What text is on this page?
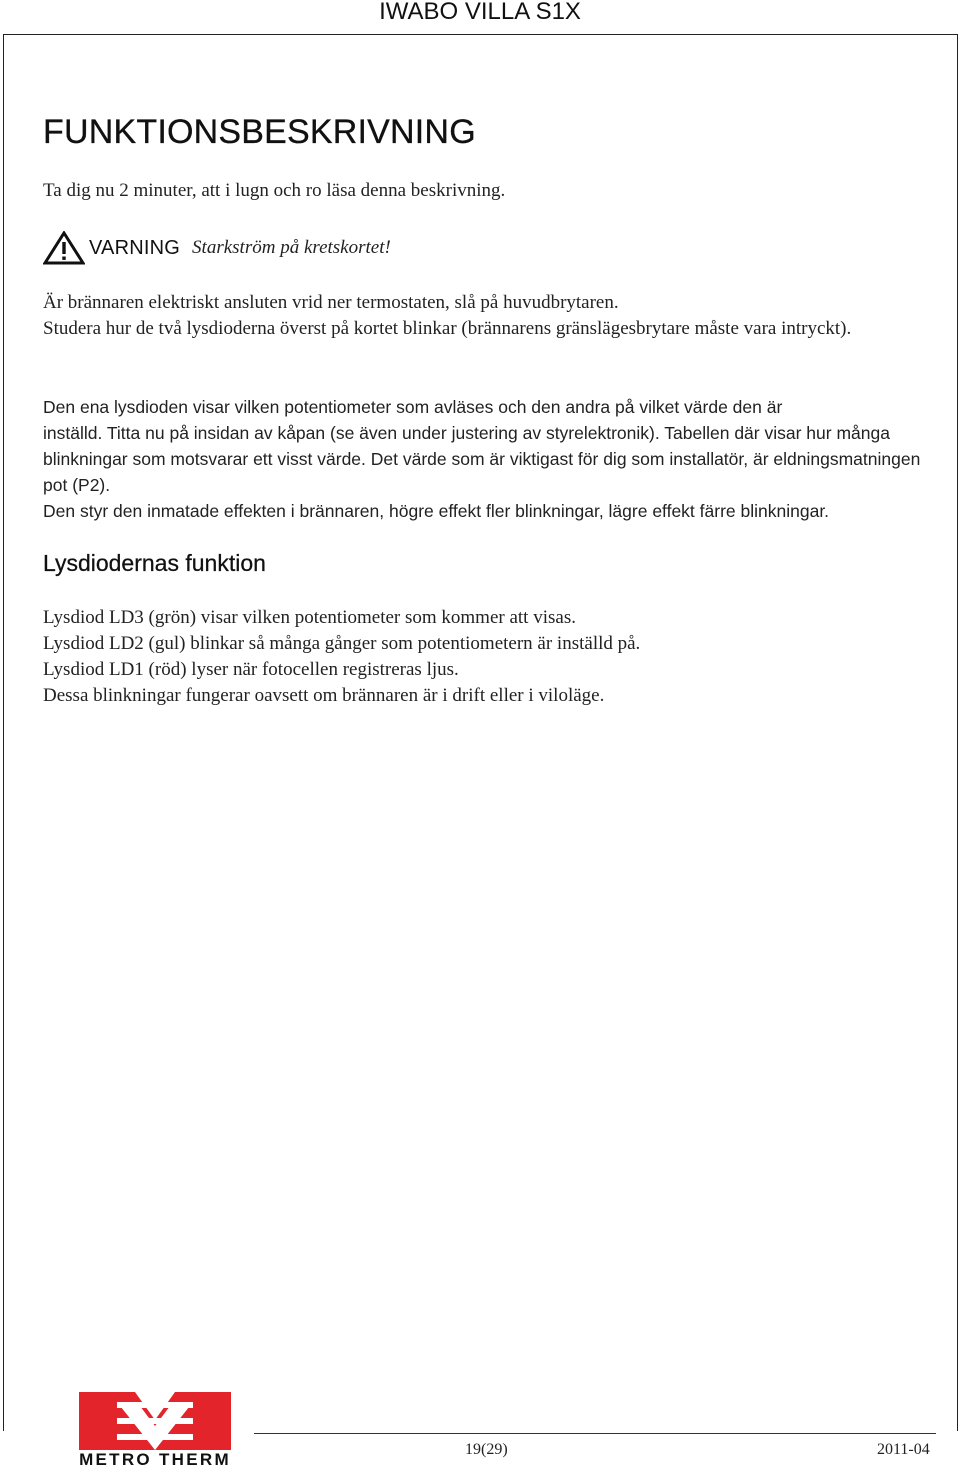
IWABO VILLA S1X
FUNKTIONSBESKRIVNING

Ta dig nu 2 minuter, att i lugn och ro läsa denna beskrivning.

VARNING Starkström på kretskortet!
Är brännaren elektriskt ansluten vrid ner termostaten, slå på huvudbrytaren.
Studera hur de två lysdioderna överst på kortet blinkar (brännarens gränslägesbrytare måste vara intryckt).

Den ena lysdioden visar vilken potentiometer som avläses och den andra på vilket värde den är

inställd. Titta nu på insidan av kåpan (se även under justering av styrelektronik). Tabellen där visar hur många blinkningar som motsvarar ett visst värde. Det värde som är viktigast för dig som installatör, är eldningsmatningen pot (P2).
Den styr den inmatade effekten i brännaren, högre effekt fler blinkningar, lägre effekt färre blinkningar.
Lysdiodernas funktion
Lysdiod LD3 (grön) visar vilken potentiometer som kommer att visas.
Lysdiod LD2 (gul) blinkar så många gånger som potentiometern är inställd på.
Lysdiod LD1 (röd) lyser när fotocellen registreras ljus.
Dessa blinkningar fungerar oavsett om brännaren är i drift eller i viloläge.
METRO THERM
19(29)	2011-04
